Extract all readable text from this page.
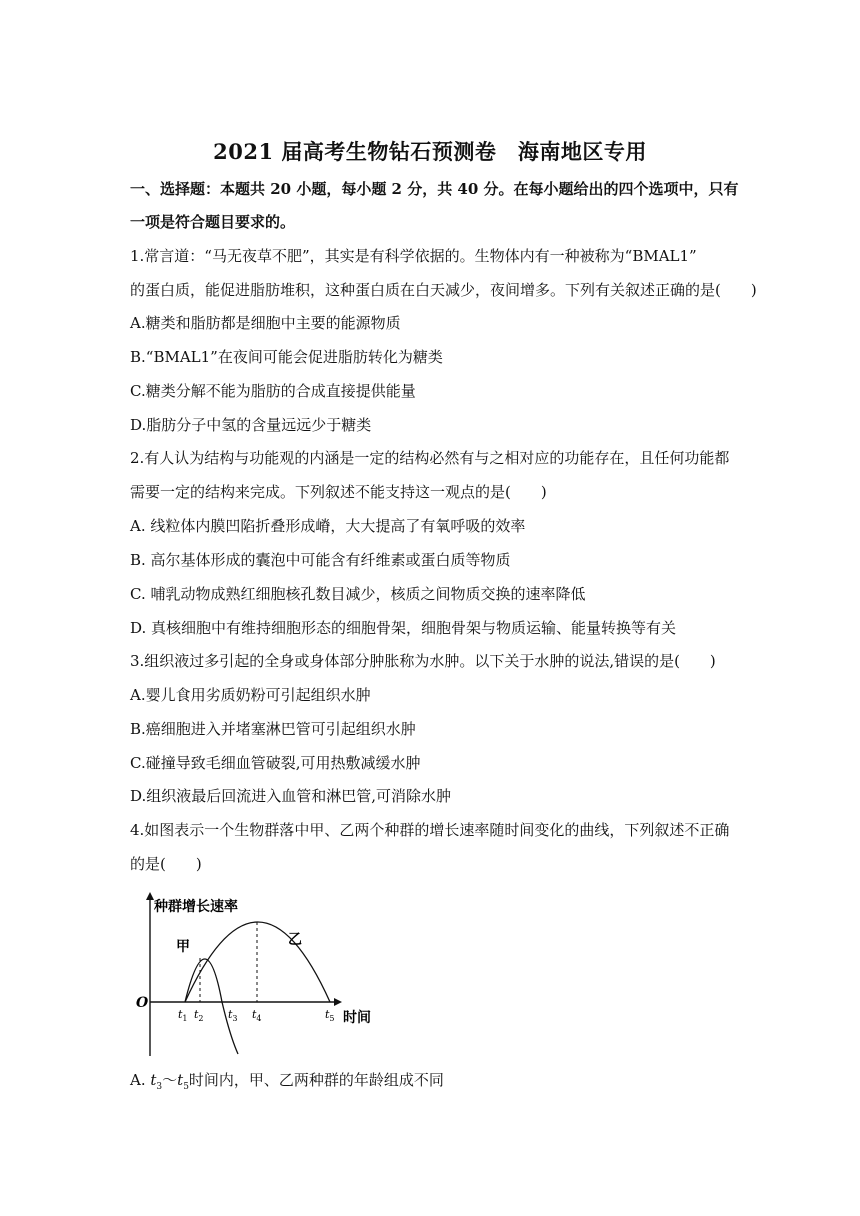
2021 届高考生物钻石预测卷　海南地区专用
一、选择题：本题共 20 小题，每小题 2 分，共 40 分。在每小题给出的四个选项中，只有
一项是符合题目要求的。
1.常言道：“马无夜草不肥”，其实是有科学依据的。生物体内有一种被称为“BMAL1”
的蛋白质，能促进脂肪堆积，这种蛋白质在白天减少，夜间增多。下列有关叙述正确的是(　　)
A.糖类和脂肪都是细胞中主要的能源物质
B.“BMAL1”在夜间可能会促进脂肪转化为糖类
C.糖类分解不能为脂肪的合成直接提供能量
D.脂肪分子中氢的含量远远少于糖类
2.有人认为结构与功能观的内涵是一定的结构必然有与之相对应的功能存在，且任何功能都
需要一定的结构来完成。下列叙述不能支持这一观点的是(　　)
A. 线粒体内膜凹陷折叠形成嵴，大大提高了有氧呼吸的效率
B. 高尔基体形成的囊泡中可能含有纤维素或蛋白质等物质
C. 哺乳动物成熟红细胞核孔数目减少，核质之间物质交换的速率降低
D. 真核细胞中有维持细胞形态的细胞骨架，细胞骨架与物质运输、能量转换等有关
3.组织液过多引起的全身或身体部分肿胀称为水肿。以下关于水肿的说法,错误的是(　　)
A.婴儿食用劣质奶粉可引起组织水肿
B.癌细胞进入并堵塞淋巴管可引起组织水肿
C.碰撞导致毛细血管破裂,可用热敷减缓水肿
D.组织液最后回流进入血管和淋巴管,可消除水肿
4.如图表示一个生物群落中甲、乙两个种群的增长速率随时间变化的曲线，下列叙述不正确
的是(　　)
种群增长速率
甲	乙
O
时间
$t_1$ $t_2$ $t_3$ $t_4$	$t_5$
A. $t_3\sim t_5$时间内，甲、乙两种群的年龄组成不同
